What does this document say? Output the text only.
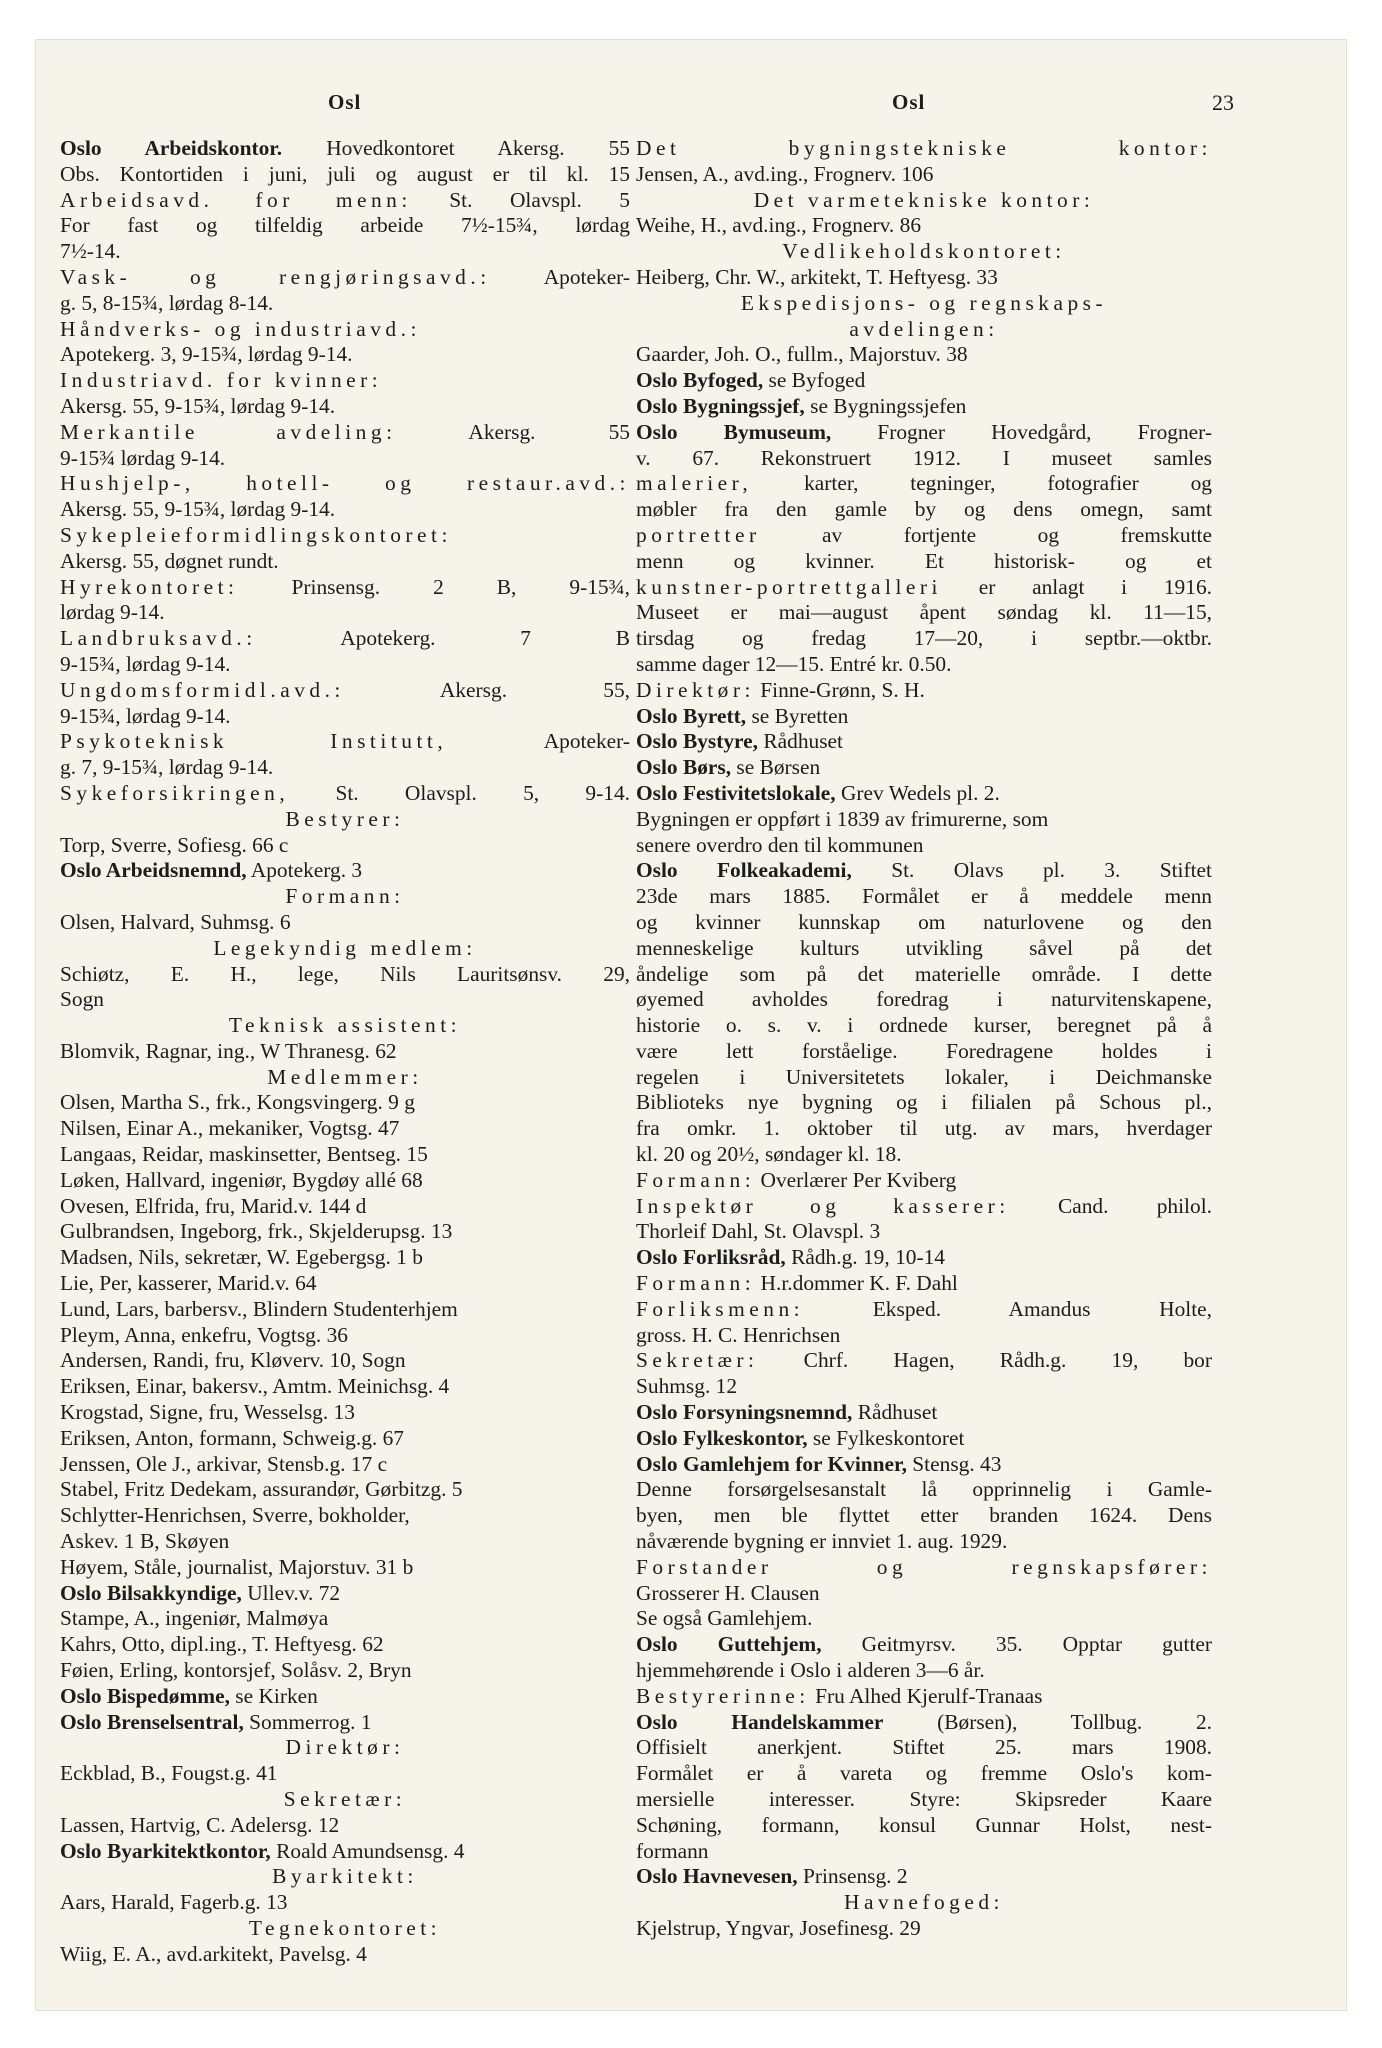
Osl	Osl	23
Oslo Arbeidskontor. Hovedkontoret Akersg. 55
Obs. Kontortiden i juni, juli og august er til kl. 15
Arbeidsavd. for menn: St. Olavspl. 5
For fast og tilfeldig arbeide 7½-15¾, lørdag
7½-14.
Vask- og rengjøringsavd.: Apoteker-
g. 5, 8-15¾, lørdag 8-14.
Håndverks- og industriavd.:
Apotekerg. 3, 9-15¾, lørdag 9-14.
Industriavd. for kvinner:
Akersg. 55, 9-15¾, lørdag 9-14.
Merkantile avdeling: Akersg. 55
9-15¾ lørdag 9-14.
Hushjelp-, hotell- og restaur.avd.:
Akersg. 55, 9-15¾, lørdag 9-14.
Sykepleieformidlingskontoret:
Akersg. 55, døgnet rundt.
Hyrekontoret: Prinsensg. 2 B, 9-15¾,
lørdag 9-14.
Landbruksavd.: Apotekerg. 7 B
9-15¾, lørdag 9-14.
Ungdomsformidl.avd.: Akersg. 55,
9-15¾, lørdag 9-14.
Psykoteknisk Institutt, Apoteker-
g. 7, 9-15¾, lørdag 9-14.
Sykeforsikringen, St. Olavspl. 5, 9-14.
Bestyrer:
Torp, Sverre, Sofiesg. 66 c
Oslo Arbeidsnemnd, Apotekerg. 3
Formann:
Olsen, Halvard, Suhmsg. 6
Legekyndig medlem:
Schiøtz, E. H., lege, Nils Lauritsønsv. 29,
Sogn
Teknisk assistent:
Blomvik, Ragnar, ing., W Thranesg. 62
Medlemmer:
Olsen, Martha S., frk., Kongsvingerg. 9 g
Nilsen, Einar A., mekaniker, Vogtsg. 47
Langaas, Reidar, maskinsetter, Bentseg. 15
Løken, Hallvard, ingeniør, Bygdøy allé 68
Ovesen, Elfrida, fru, Marid.v. 144 d
Gulbrandsen, Ingeborg, frk., Skjelderupsg. 13
Madsen, Nils, sekretær, W. Egebergsg. 1 b
Lie, Per, kasserer, Marid.v. 64
Lund, Lars, barbersv., Blindern Studenterhjem
Pleym, Anna, enkefru, Vogtsg. 36
Andersen, Randi, fru, Kløverv. 10, Sogn
Eriksen, Einar, bakersv., Amtm. Meinichsg. 4
Krogstad, Signe, fru, Wesselsg. 13
Eriksen, Anton, formann, Schweig.g. 67
Jenssen, Ole J., arkivar, Stensb.g. 17 c
Stabel, Fritz Dedekam, assurandør, Gørbitzg. 5
Schlytter-Henrichsen, Sverre, bokholder,
Askev. 1 B, Skøyen
Høyem, Ståle, journalist, Majorstuv. 31 b
Oslo Bilsakkyndige, Ullev.v. 72
Stampe, A., ingeniør, Malmøya
Kahrs, Otto, dipl.ing., T. Heftyesg. 62
Føien, Erling, kontorsjef, Solåsv. 2, Bryn
Oslo Bispedømme, se Kirken
Oslo Brenselsentral, Sommerrog. 1
Direktør:
Eckblad, B., Fougst.g. 41
Sekretær:
Lassen, Hartvig, C. Adelersg. 12
Oslo Byarkitektkontor, Roald Amundsensg. 4
Byarkitekt:
Aars, Harald, Fagerb.g. 13
Tegnekontoret:
Wiig, E. A., avd.arkitekt, Pavelsg. 4
Det bygningstekniske kontor:
Jensen, A., avd.ing., Frognerv. 106
Det varmetekniske kontor:
Weihe, H., avd.ing., Frognerv. 86
Vedlikeholdskontoret:
Heiberg, Chr. W., arkitekt, T. Heftyesg. 33
Ekspedisjons- og regnskaps-
avdelingen:
Gaarder, Joh. O., fullm., Majorstuv. 38
Oslo Byfoged, se Byfoged
Oslo Bygningssjef, se Bygningssjefen
Oslo Bymuseum, Frogner Hovedgård, Frogner-
v. 67. Rekonstruert 1912. I museet samles
malerier, karter, tegninger, fotografier og
møbler fra den gamle by og dens omegn, samt
portretter av fortjente og fremskutte
menn og kvinner. Et historisk- og et
kunstner-portrettgalleri er anlagt i 1916.
Museet er mai—august åpent søndag kl. 11—15,
tirsdag og fredag 17—20, i septbr.—oktbr.
samme dager 12—15. Entré kr. 0.50.
Direktør: Finne-Grønn, S. H.
Oslo Byrett, se Byretten
Oslo Bystyre, Rådhuset
Oslo Børs, se Børsen
Oslo Festivitetslokale, Grev Wedels pl. 2.
Bygningen er oppført i 1839 av frimurerne, som
senere overdro den til kommunen
Oslo Folkeakademi, St. Olavs pl. 3. Stiftet
23de mars 1885. Formålet er å meddele menn
og kvinner kunnskap om naturlovene og den
menneskelige kulturs utvikling såvel på det
åndelige som på det materielle område. I dette
øyemed avholdes foredrag i naturvitenskapene,
historie o. s. v. i ordnede kurser, beregnet på å
være lett forståelige. Foredragene holdes i
regelen i Universitetets lokaler, i Deichmanske
Biblioteks nye bygning og i filialen på Schous pl.,
fra omkr. 1. oktober til utg. av mars, hverdager
kl. 20 og 20½, søndager kl. 18.
Formann: Overlærer Per Kviberg
Inspektør og kasserer: Cand. philol.
Thorleif Dahl, St. Olavspl. 3
Oslo Forliksråd, Rådh.g. 19, 10-14
Formann: H.r.dommer K. F. Dahl
Forliksmenn: Eksped. Amandus Holte,
gross. H. C. Henrichsen
Sekretær: Chrf. Hagen, Rådh.g. 19, bor
Suhmsg. 12
Oslo Forsyningsnemnd, Rådhuset
Oslo Fylkeskontor, se Fylkeskontoret
Oslo Gamlehjem for Kvinner, Stensg. 43
Denne forsørgelsesanstalt lå opprinnelig i Gamle-
byen, men ble flyttet etter branden 1624. Dens
nåværende bygning er innviet 1. aug. 1929.
Forstander og regnskapsfører:
Grosserer H. Clausen
Se også Gamlehjem.
Oslo Guttehjem, Geitmyrsv. 35. Opptar gutter
hjemmehørende i Oslo i alderen 3—6 år.
Bestyrerinne: Fru Alhed Kjerulf-Tranaas
Oslo Handelskammer (Børsen), Tollbug. 2.
Offisielt anerkjent. Stiftet 25. mars 1908.
Formålet er å vareta og fremme Oslo's kom-
mersielle interesser. Styre: Skipsreder Kaare
Schøning, formann, konsul Gunnar Holst, nest-
formann
Oslo Havnevesen, Prinsensg. 2
Havnefoged:
Kjelstrup, Yngvar, Josefinesg. 29
